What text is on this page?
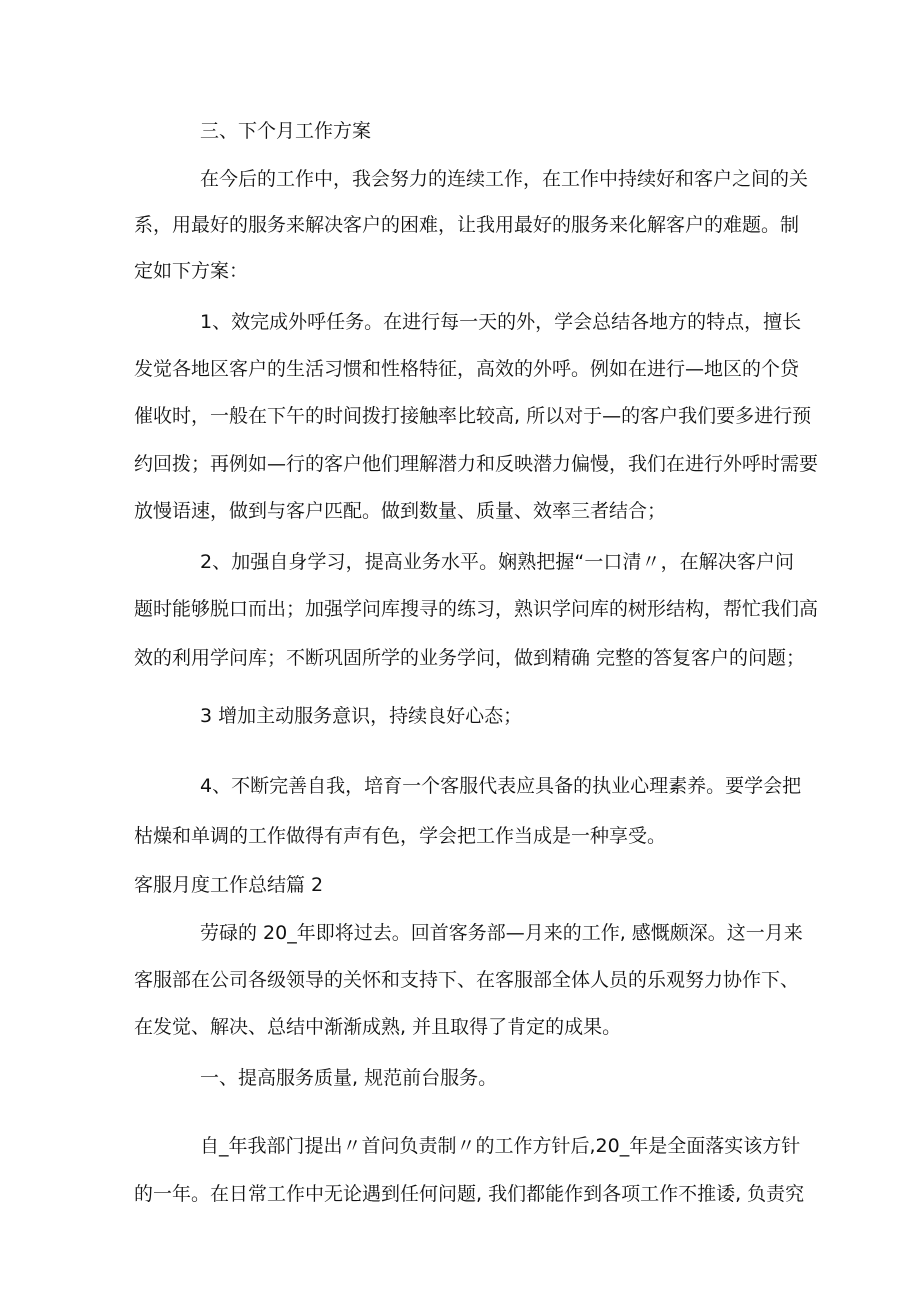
三、下个月工作方案
在今后的工作中，我会努力的连续工作，在工作中持续好和客户之间的关
系，用最好的服务来解决客户的困难，让我用最好的服务来化解客户的难题。制
定如下方案：
1、效完成外呼任务。在进行每一天的外，学会总结各地方的特点，擅长
发觉各地区客户的生活习惯和性格特征，高效的外呼。例如在进行—地区的个贷
催收时，一般在下午的时间拨打接触率比较高, 所以对于—的客户我们要多进行预
约回拨；再例如—行的客户他们理解潜力和反映潜力偏慢，我们在进行外呼时需要
放慢语速，做到与客户匹配。做到数量、质量、效率三者结合；
2、加强自身学习，提高业务水平。娴熟把握“一口清〃，在解决客户问
题时能够脱口而出；加强学问库搜寻的练习，熟识学问库的树形结构，帮忙我们高
效的利用学问库；不断巩固所学的业务学问，做到精确 完整的答复客户的问题；
3 增加主动服务意识，持续良好心态；
4、不断完善自我，培育一个客服代表应具备的执业心理素养。要学会把
枯燥和单调的工作做得有声有色，学会把工作当成是一种享受。
客服月度工作总结篇 2
劳碌的 20_年即将过去。回首客务部—月来的工作, 感慨颇深。这一月来
客服部在公司各级领导的关怀和支持下、在客服部全体人员的乐观努力协作下、
在发觉、解决、总结中渐渐成熟, 并且取得了肯定的成果。
一、提高服务质量, 规范前台服务。
自_年我部门提出〃首问负责制〃的工作方针后,20_年是全面落实该方针
的一年。在日常工作中无论遇到任何问题, 我们都能作到各项工作不推诿, 负责究
